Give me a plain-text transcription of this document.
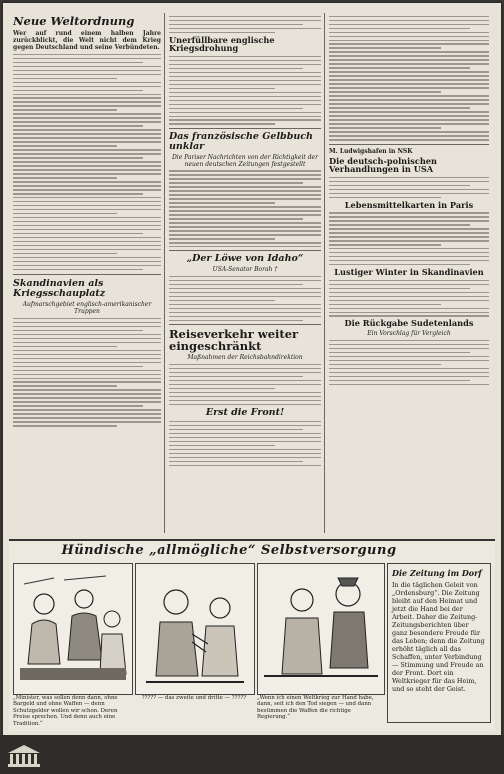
Neue Weltordnung
Wer auf rund einem halben Jahre zurückblickt, die Welt nicht dem Krieg gegen Deutschland und seine Verbündeten.
Skandinavien als Kriegsschauplatz
Aufmarschgebiet englisch-amerikanischer Truppen
Unerfüllbare englische Kriegsdrohung
Das französische Gelbbuch unklar
Die Pariser Nachrichten von der Richtigkeit der neuen deutschen Zeitungen festgestellt
„Der Löwe von Idaho“
USA-Senator Borah †
Reiseverkehr weiter eingeschränkt
Maßnahmen der Reichsbahndirektion
Erst die Front!
M. Ludwigshafen in NSK
Die deutsch-polnischen Verhandlungen in USA
Lebensmittelkarten in Paris
Lustiger Winter in Skandinavien
Die Rückgabe Sudetenlands
Ein Vorschlag für Vergleich
Hündische „allmögliche“ Selbstversorgung
„Minister, was sollen denn dann, ohne Bargeld und ohne Waffen — denn Schutzgelder wollen wir schon. Deren Preise sprechen. Und denn auch eine Tradition.“
????? — das zweite und dritte — ?????	„Wenn ich einen Weltkrieg zur Hand habe, dann, seit ich den Tod siegen — und dann bestimmen die Waffen die richtige Regierung.“
Die Zeitung im Dorf
In die täglichen Geleit von „Ordensburg“. Die Zeitung bleibt auf den Heimat und jetzt die Hand bei der Arbeit. Daher die Zeitung-Zeitungsberichten über ganz besondere Freude für das Leben; denn die Zeitung erhöht täglich all das Schaffen, unter Verbindung — Stimmung und Freude an der Front. Dort ein Weltkrieger für das Heim, und so steht der Geist.
